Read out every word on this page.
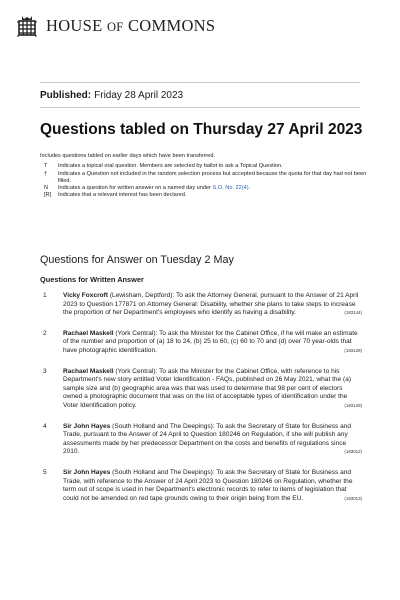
HOUSE OF COMMONS
Published: Friday 28 April 2023
Questions tabled on Thursday 27 April 2023
Includes questions tabled on earlier days which have been transferred.
T	Indicates a topical oral question. Members are selected by ballot to ask a Topical Question.
†	Indicates a Question not included in the random selection process but accepted because the quota for that day had not been filled.
N	Indicates a question for written answer on a named day under S.O. No. 22(4).
[R]	Indicates that a relevant interest has been declared.
Questions for Answer on Tuesday 2 May
Questions for Written Answer
1	Vicky Foxcroft (Lewisham, Deptford): To ask the Attorney General, pursuant to the Answer of 21 April 2023 to Question 177871 on Attorney General: Disability, whether she plans to take steps to increase the proportion of her Department's employees who identify as having a disability.	(183144)
2	Rachael Maskell (York Central): To ask the Minister for the Cabinet Office, if he will make an estimate of the number and proportion of (a) 18 to 24, (b) 25 to 60, (c) 60 to 70 and (d) over 70 year-olds that have photographic identification.	(183128)
3	Rachael Maskell (York Central): To ask the Minister for the Cabinet Office, with reference to his Department's new story entitled Voter Identification - FAQs, published on 26 May 2021, what the (a) sample size and (b) geographic area was that was used to determine that 98 per cent of electors owned a photographic document that was on the list of acceptable types of identification under the Voter Identification policy.	(183129)
4	Sir John Hayes (South Holland and The Deepings): To ask the Secretary of State for Business and Trade, pursuant to the Answer of 24 April to Question 180246 on Regulation, if she will publish any assessments made by her predecessor Department on the costs and benefits of regulations since 2010.	(183012)
5	Sir John Hayes (South Holland and The Deepings): To ask the Secretary of State for Business and Trade, with reference to the Answer of 24 April 2023 to Question 180246 on Regulation, whether the term out of scope is used in her Department's electronic records to refer to items of legislation that could not be amended on red tape grounds owing to their origin being from the EU.	(183013)
